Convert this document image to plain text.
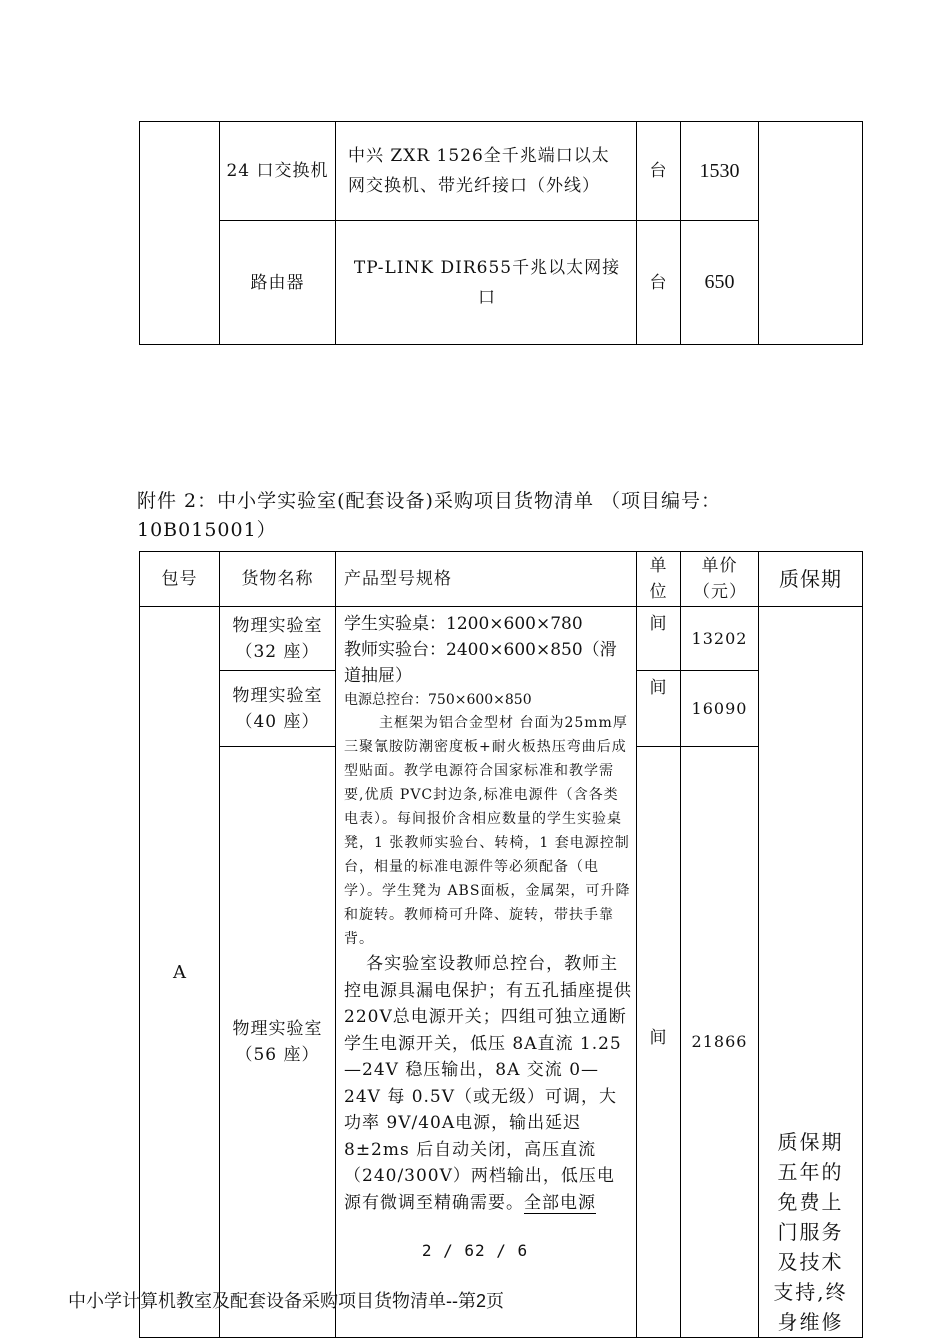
	24 口交换机	中兴 ZXR 1526全千兆端口以太网交换机、带光纤接口（外线）	台	1530	
	路由器	TP-LINK DIR655千兆以太网接口	台	650	
附件 2：中小学实验室(配套设备)采购项目货物清单 （项目编号：10B015001）
包号	货物名称	产品型号规格	单位	单价（元）	质保期
A	物理实验室（32 座）	学生实验桌：1200×600×780
教师实验台：2400×600×850（滑道抽屉）
电源总控台：750×600×850
主框架为铝合金型材 台面为25mm厚三聚氰胺防潮密度板+耐火板热压弯曲后成型贴面。教学电源符合国家标准和教学需要,优质 PVC封边条,标准电源件（含各类电表）。每间报价含相应数量的学生实验桌凳，1 张教师实验台、转椅，1 套电源控制台，相量的标准电源件等必须配备（电学）。学生凳为 ABS面板，金属架，可升降和旋转。教师椅可升降、旋转，带扶手靠背。
各实验室设教师总控台，教师主控电源具漏电保护；有五孔插座提供 220V总电源开关；四组可独立通断学生电源开关，低压 8A直流 1.25—24V 稳压输出，8A 交流 0—24V 每 0.5V（或无级）可调，大功率 9V/40A电源，输出延迟 8±2ms 后自动关闭，高压直流（240/300V）两档输出，低压电源有微调至精确需要。全部电源	间	13202	质保期五年的免费上门服务及技术支持,终身维修
	物理实验室（40 座）		间	16090	
	物理实验室（56 座）		间	21866	
2 / 62 / 6
中小学计算机教室及配套设备采购项目货物清单--第2页
